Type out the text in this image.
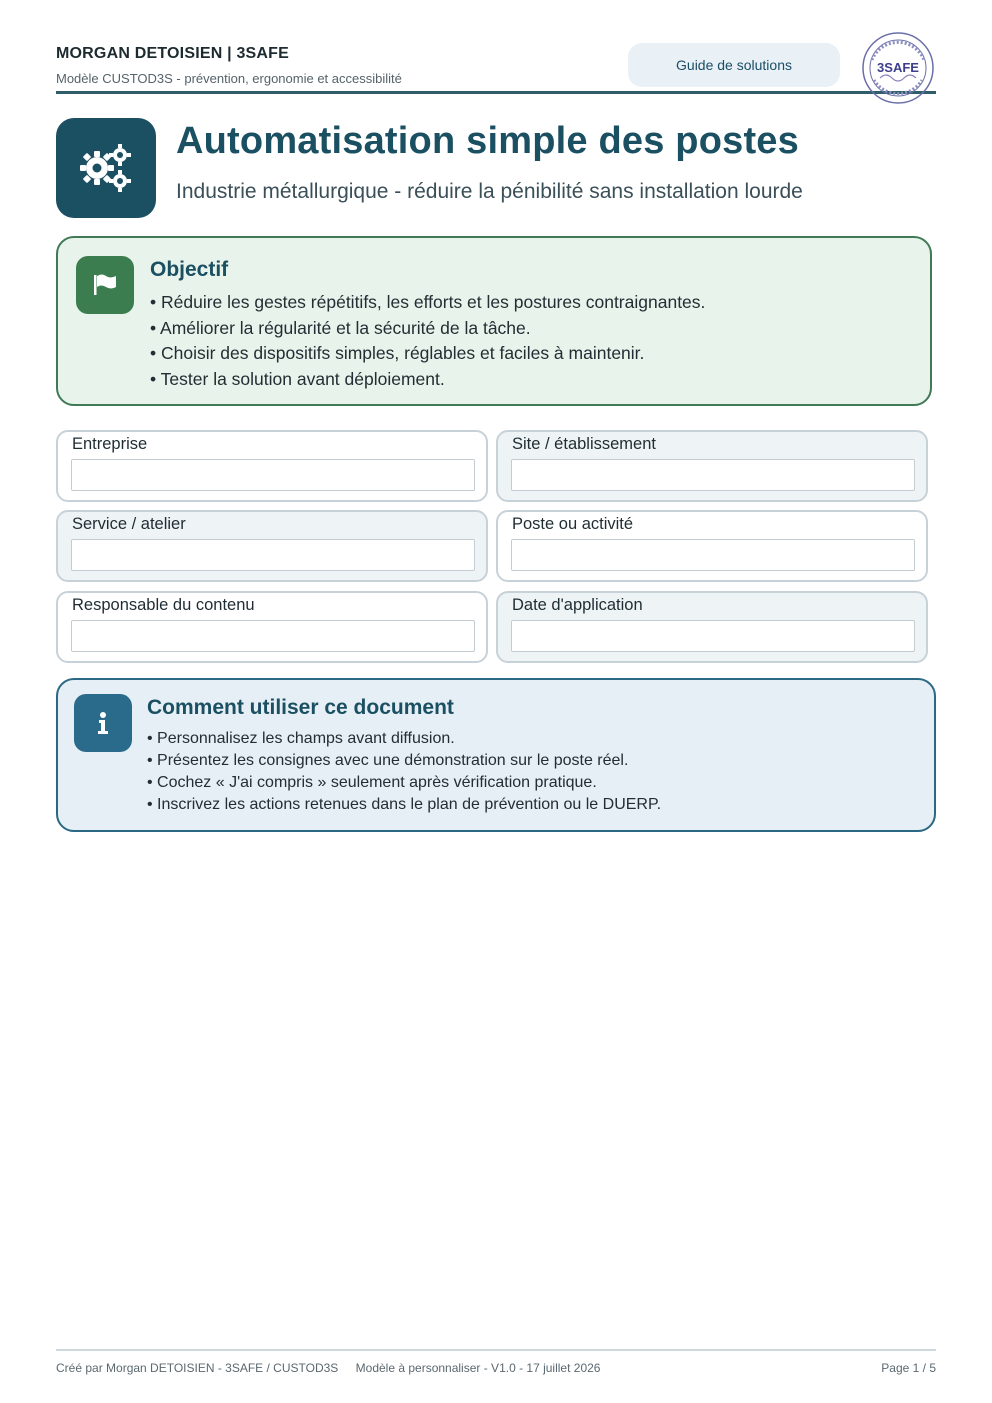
MORGAN DETOISIEN | 3SAFE
Modèle CUSTOD3S - prévention, ergonomie et accessibilité
Guide de solutions	3SAFE
Automatisation simple des postes
Industrie métallurgique - réduire la pénibilité sans installation lourde
Objectif
• Réduire les gestes répétitifs, les efforts et les postures contraignantes.
• Améliorer la régularité et la sécurité de la tâche.
• Choisir des dispositifs simples, réglables et faciles à maintenir.
• Tester la solution avant déploiement.
Entreprise	Site / établissement
Service / atelier	Poste ou activité
Responsable du contenu	Date d'application
Comment utiliser ce document
• Personnalisez les champs avant diffusion.
• Présentez les consignes avec une démonstration sur le poste réel.
• Cochez « J'ai compris » seulement après vérification pratique.
• Inscrivez les actions retenues dans le plan de prévention ou le DUERP.
Créé par Morgan DETOISIEN - 3SAFE / CUSTOD3S Modèle à personnaliser - V1.0 - 17 juillet 2026	Page 1 / 5
